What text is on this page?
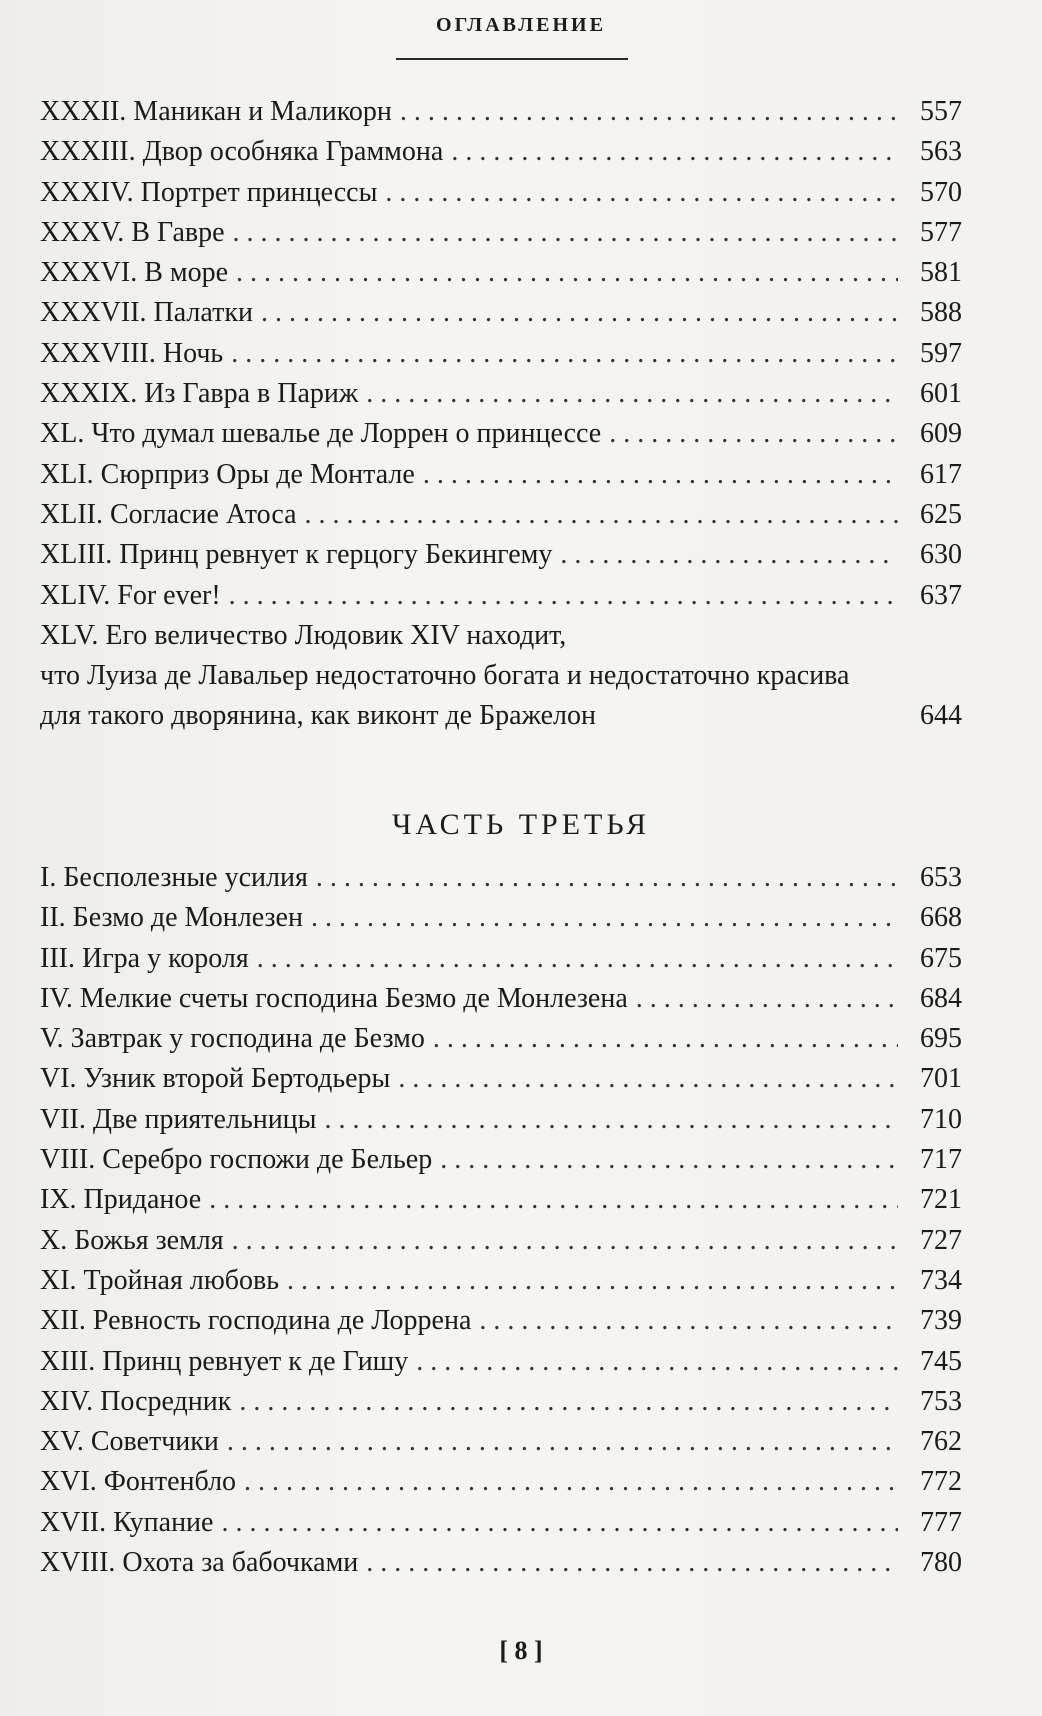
ОГЛАВЛЕНИЕ
XXXII. Маникан и Маликорн . . .	557
XXXIII. Двор особняка Граммона . . .	563
XXXIV. Портрет принцессы . . .	570
XXXV. В Гавре . . .	577
XXXVI. В море . . .	581
XXXVII. Палатки . . .	588
XXXVIII. Ночь . . .	597
XXXIX. Из Гавра в Париж . . .	601
XL. Что думал шевалье де Лоррен о принцессе . . .	609
XLI. Сюрприз Оры де Монтале . . .	617
XLII. Согласие Атоса . . .	625
XLIII. Принц ревнует к герцогу Бекингему . . .	630
XLIV. For ever! . . .	637
XLV. Его величество Людовик XIV находит,
что Луиза де Лавальер недостаточно богата и недостаточно красива
для такого дворянина, как виконт де Бражелон	644
ЧАСТЬ ТРЕТЬЯ
I. Бесполезные усилия . . .	653
II. Безмо де Монлезен . . .	668
III. Игра у короля . . .	675
IV. Мелкие счеты господина Безмо де Монлезена . . .	684
V. Завтрак у господина де Безмо . . .	695
VI. Узник второй Бертодьеры . . .	701
VII. Две приятельницы . . .	710
VIII. Серебро госпожи де Бельер . . .	717
IX. Приданое . . .	721
X. Божья земля . . .	727
XI. Тройная любовь . . .	734
XII. Ревность господина де Лоррена . . .	739
XIII. Принц ревнует к де Гишу . . .	745
XIV. Посредник . . .	753
XV. Советчики . . .	762
XVI. Фонтенбло . . .	772
XVII. Купание . . .	777
XVIII. Охота за бабочками . . .	780
[ 8 ]
